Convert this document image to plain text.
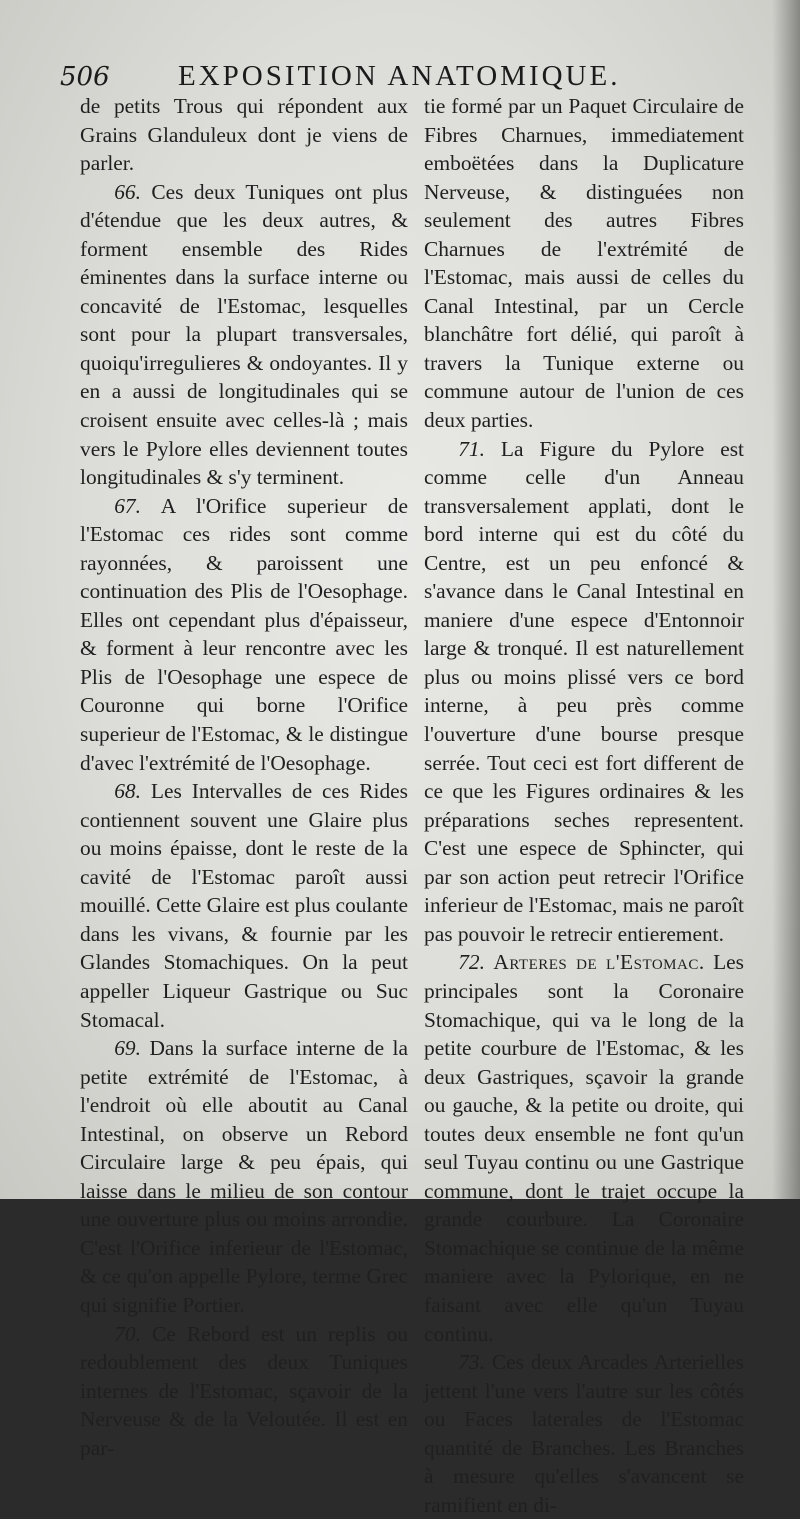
506 EXPOSITION ANATOMIQUE.

de petits Trous qui répondent aux Grains Glanduleux dont je viens de parler.

66. Ces deux Tuniques ont plus d'étendue que les deux autres, & forment ensemble des Rides éminentes dans la surface interne ou concavité de l'Estomac, lesquelles sont pour la plupart transversales, quoiqu'irregulieres & ondoyantes. Il y en a aussi de longitudinales qui se croisent ensuite avec celles-là ; mais vers le Pylore elles deviennent toutes longitudinales & s'y terminent.

67. A l'Orifice superieur de l'Estomac ces rides sont comme rayonnées, & paroissent une continuation des Plis de l'Oesophage. Elles ont cependant plus d'épaisseur, & forment à leur rencontre avec les Plis de l'Oesophage une espece de Couronne qui borne l'Orifice superieur de l'Estomac, & le distingue d'avec l'extrémité de l'Oesophage.

68. Les Intervalles de ces Rides contiennent souvent une Glaire plus ou moins épaisse, dont le reste de la cavité de l'Estomac paroît aussi mouillé. Cette Glaire est plus coulante dans les vivans, & fournie par les Glandes Stomachiques. On la peut appeller Liqueur Gastrique ou Suc Stomacal.

69. Dans la surface interne de la petite extrémité de l'Estomac, à l'endroit où elle aboutit au Canal Intestinal, on observe un Rebord Circulaire large & peu épais, qui laisse dans le milieu de son contour une ouverture plus ou moins arrondie. C'est l'Orifice inferieur de l'Estomac, & ce qu'on appelle Pylore, terme Grec qui signifie Portier.

70. Ce Rebord est un replis ou redoublement des deux Tuniques internes de l'Estomac, sçavoir de la Nerveuse & de la Veloutée. Il est en par-

tie formé par un Paquet Circulaire de Fibres Charnues, immediatement emboëtées dans la Duplicature Nerveuse, & distinguées non seulement des autres Fibres Charnues de l'extrémité de l'Estomac, mais aussi de celles du Canal Intestinal, par un Cercle blanchâtre fort délié, qui paroît à travers la Tunique externe ou commune autour de l'union de ces deux parties.

71. La Figure du Pylore est comme celle d'un Anneau transversalement applati, dont le bord interne qui est du côté du Centre, est un peu enfoncé & s'avance dans le Canal Intestinal en maniere d'une espece d'Entonnoir large & tronqué. Il est naturellement plus ou moins plissé vers ce bord interne, à peu près comme l'ouverture d'une bourse presque serrée. Tout ceci est fort different de ce que les Figures ordinaires & les préparations seches representent. C'est une espece de Sphincter, qui par son action peut retrecir l'Orifice inferieur de l'Estomac, mais ne paroît pas pouvoir le retrecir entierement.

72. Arteres de l'Estomac. Les principales sont la Coronaire Stomachique, qui va le long de la petite courbure de l'Estomac, & les deux Gastriques, sçavoir la grande ou gauche, & la petite ou droite, qui toutes deux ensemble ne font qu'un seul Tuyau continu ou une Gastrique commune, dont le trajet occupe la grande courbure. La Coronaire Stomachique se continue de la même maniere avec la Pylorique, en ne faisant avec elle qu'un Tuyau continu.

73. Ces deux Arcades Arterielles jettent l'une vers l'autre sur les côtés ou Faces laterales de l'Estomac quantité de Branches. Les Branches à mesure qu'elles s'avancent se ramifient en di-
